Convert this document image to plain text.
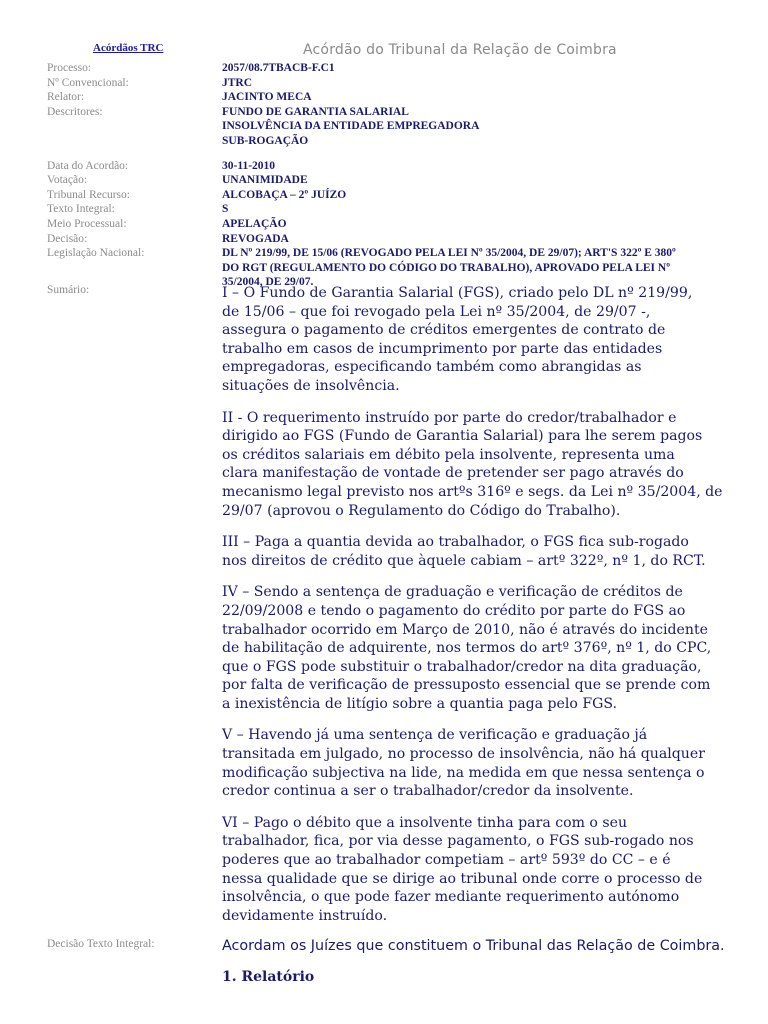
Acórdãos TRC	Acórdão do Tribunal da Relação de Coimbra
Processo:	2057/08.7TBACB-F.C1
Nº Convencional:	JTRC
Relator:	JACINTO MECA
Descritores:	FUNDO DE GARANTIA SALARIAL
INSOLVÊNCIA DA ENTIDADE EMPREGADORA
SUB-ROGAÇÃO
Data do Acordão:	30-11-2010
Votação:	UNANIMIDADE
Tribunal Recurso:	ALCOBAÇA – 2º JUÍZO
Texto Integral:	S
Meio Processual:	APELAÇÃO
Decisão:	REVOGADA
Legislação Nacional:	DL Nº 219/99, DE 15/06 (REVOGADO PELA LEI Nº 35/2004, DE 29/07); ART'S 322º E 380º
DO RGT (REGULAMENTO DO CÓDIGO DO TRABALHO), APROVADO PELA LEI Nº
35/2004, DE 29/07.
Sumário:	I – O Fundo de Garantia Salarial (FGS), criado pelo DL nº 219/99,
de 15/06 – que foi revogado pela Lei nº 35/2004, de 29/07 -,
assegura o pagamento de créditos emergentes de contrato de
trabalho em casos de incumprimento por parte das entidades
empregadoras, especificando também como abrangidas as
situações de insolvência.

II - O requerimento instruído por parte do credor/trabalhador e
dirigido ao FGS (Fundo de Garantia Salarial) para lhe serem pagos
os créditos salariais em débito pela insolvente, representa uma
clara manifestação de vontade de pretender ser pago através do
mecanismo legal previsto nos artºs 316º e segs. da Lei nº 35/2004, de
29/07 (aprovou o Regulamento do Código do Trabalho).

III – Paga a quantia devida ao trabalhador, o FGS fica sub-rogado
nos direitos de crédito que àquele cabiam – artº 322º, nº 1, do RCT.

IV – Sendo a sentença de graduação e verificação de créditos de
22/09/2008 e tendo o pagamento do crédito por parte do FGS ao
trabalhador ocorrido em Março de 2010, não é através do incidente
de habilitação de adquirente, nos termos do artº 376º, nº 1, do CPC,
que o FGS pode substituir o trabalhador/credor na dita graduação,
por falta de verificação de pressuposto essencial que se prende com
a inexistência de litígio sobre a quantia paga pelo FGS.

V – Havendo já uma sentença de verificação e graduação já
transitada em julgado, no processo de insolvência, não há qualquer
modificação subjectiva na lide, na medida em que nessa sentença o
credor continua a ser o trabalhador/credor da insolvente.

VI – Pago o débito que a insolvente tinha para com o seu
trabalhador, fica, por via desse pagamento, o FGS sub-rogado nos
poderes que ao trabalhador competiam – artº 593º do CC – e é
nessa qualidade que se dirige ao tribunal onde corre o processo de
insolvência, o que pode fazer mediante requerimento autónomo
devidamente instruído.

Decisão Texto Integral:	Acordam os Juízes que constituem o Tribunal das Relação de Coimbra.
1. Relatório
